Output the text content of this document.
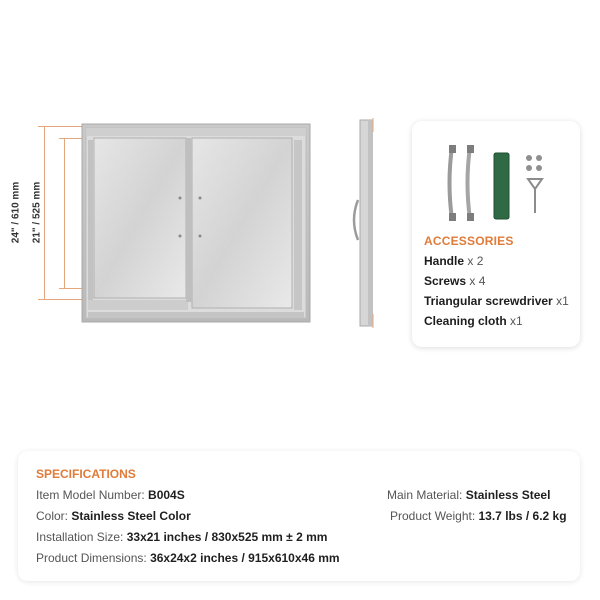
24" / 610 mm 21" / 525 mm	ACCESSORIES
Handle x 2
Screws x 4
Triangular screwdriver x1
Cleaning cloth x1
SPECIFICATIONS
Item Model Number: B004S
Color: Stainless Steel Color
Installation Size: 33x21 inches / 830x525 mm ± 2 mm
Product Dimensions: 36x24x2 inches / 915x610x46 mm
Main Material: Stainless Steel
Product Weight: 13.7 lbs / 6.2 kg
